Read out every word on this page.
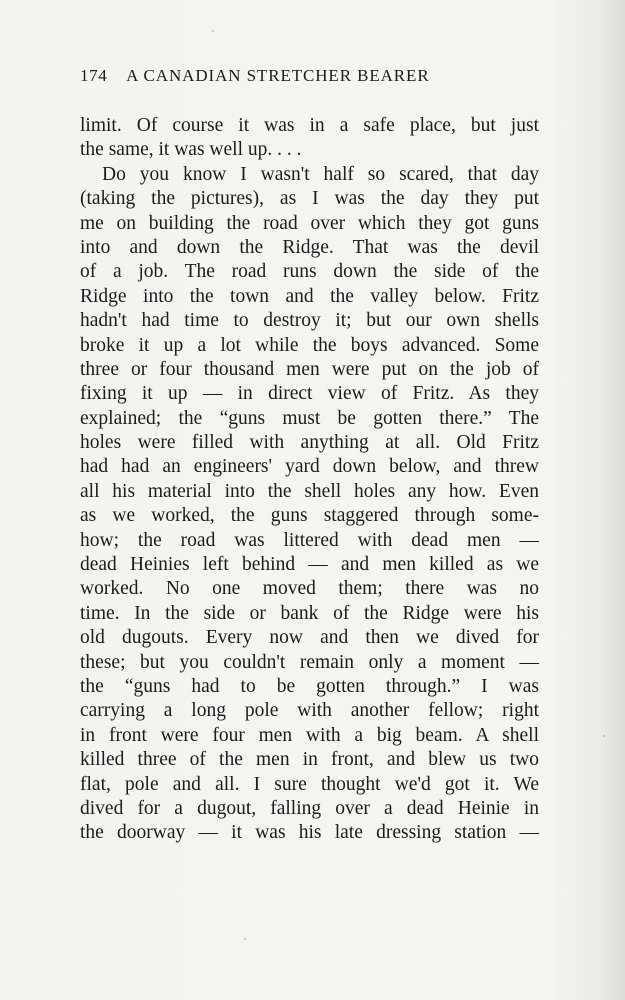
174 A CANADIAN STRETCHER BEARER
limit. Of course it was in a safe place, but just
the same, it was well up. . . .
Do you know I wasn't half so scared, that day
(taking the pictures), as I was the day they put
me on building the road over which they got guns
into and down the Ridge. That was the devil
of a job. The road runs down the side of the
Ridge into the town and the valley below. Fritz
hadn't had time to destroy it; but our own shells
broke it up a lot while the boys advanced. Some
three or four thousand men were put on the job of
fixing it up — in direct view of Fritz. As they
explained; the “guns must be gotten there.” The
holes were filled with anything at all. Old Fritz
had had an engineers' yard down below, and threw
all his material into the shell holes any how. Even
as we worked, the guns staggered through some-
how; the road was littered with dead men —
dead Heinies left behind — and men killed as we
worked. No one moved them; there was no
time. In the side or bank of the Ridge were his
old dugouts. Every now and then we dived for
these; but you couldn't remain only a moment —
the “guns had to be gotten through.” I was
carrying a long pole with another fellow; right
in front were four men with a big beam. A shell
killed three of the men in front, and blew us two
flat, pole and all. I sure thought we'd got it. We
dived for a dugout, falling over a dead Heinie in
the doorway — it was his late dressing station —
